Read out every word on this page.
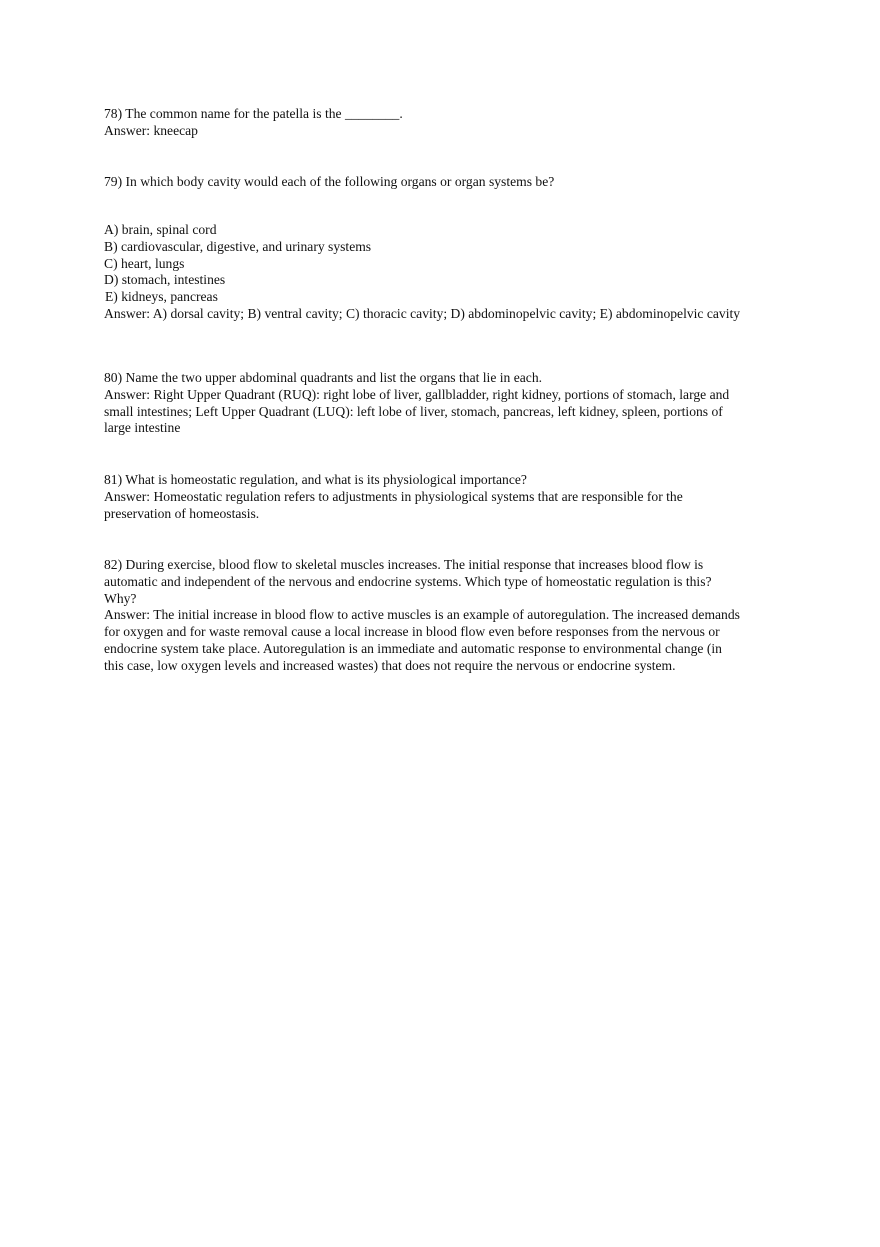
78) The common name for the patella is the ________.
Answer: kneecap
79) In which body cavity would each of the following organs or organ systems be?
A) brain, spinal cord
B) cardiovascular, digestive, and urinary systems
C) heart, lungs
D) stomach, intestines
E) kidneys, pancreas
Answer: A) dorsal cavity; B) ventral cavity; C) thoracic cavity; D) abdominopelvic cavity; E) abdominopelvic cavity
80) Name the two upper abdominal quadrants and list the organs that lie in each.
Answer: Right Upper Quadrant (RUQ): right lobe of liver, gallbladder, right kidney, portions of stomach, large and
small intestines; Left Upper Quadrant (LUQ): left lobe of liver, stomach, pancreas, left kidney, spleen, portions of
large intestine
81) What is homeostatic regulation, and what is its physiological importance?
Answer: Homeostatic regulation refers to adjustments in physiological systems that are responsible for the
preservation of homeostasis.
82) During exercise, blood flow to skeletal muscles increases. The initial response that increases blood flow is
automatic and independent of the nervous and endocrine systems. Which type of homeostatic regulation is this?
Why?
Answer: The initial increase in blood flow to active muscles is an example of autoregulation. The increased demands
for oxygen and for waste removal cause a local increase in blood flow even before responses from the nervous or
endocrine system take place. Autoregulation is an immediate and automatic response to environmental change (in
this case, low oxygen levels and increased wastes) that does not require the nervous or endocrine system.
